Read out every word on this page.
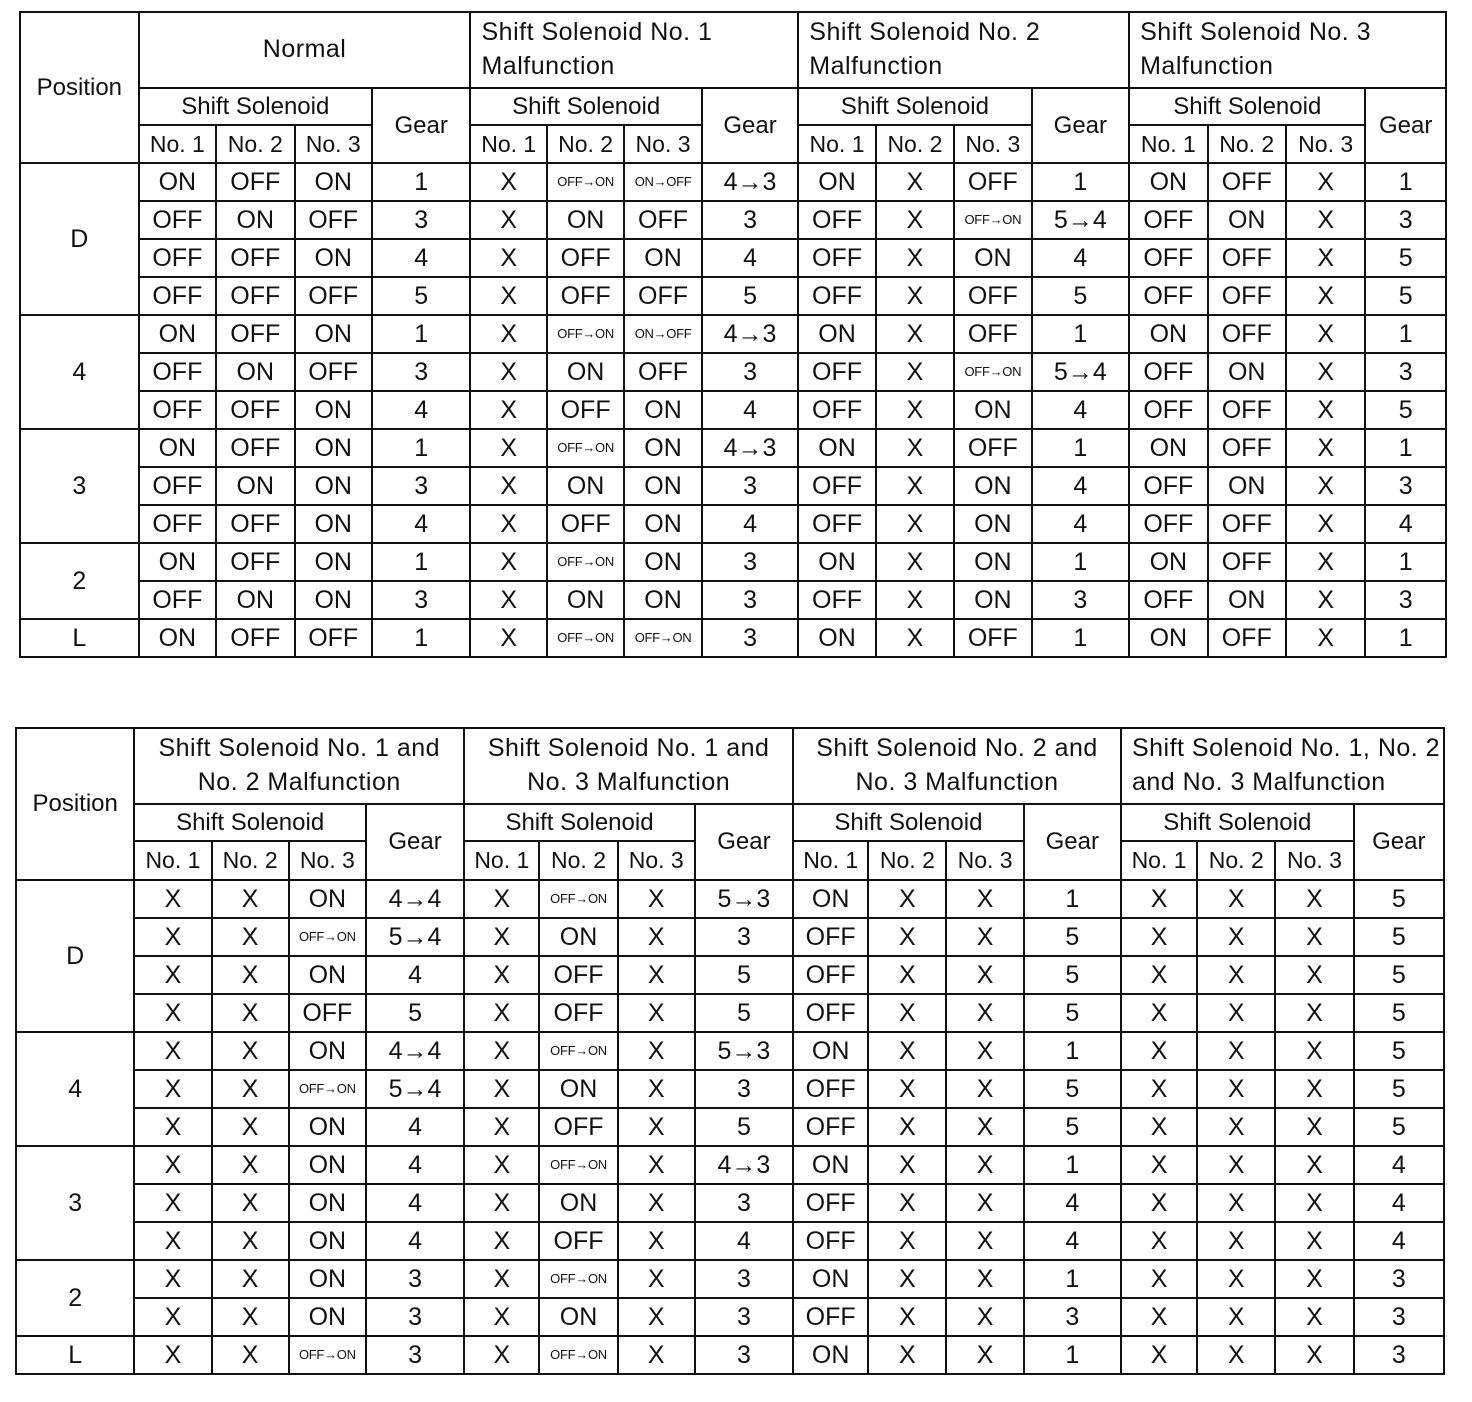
Position	Normal				Shift Solenoid No. 1 Malfunction				Shift Solenoid No. 2 Malfunction				Shift Solenoid No. 3 Malfunction			
	Shift Solenoid			Gear	Shift Solenoid			Gear	Shift Solenoid			Gear	Shift Solenoid			Gear
	No. 1	No. 2	No. 3		No. 1	No. 2	No. 3		No. 1	No. 2	No. 3		No. 1	No. 2	No. 3	
D	ON	OFF	ON	1	X	OFF→ON	ON→OFF	4→3	ON	X	OFF	1	ON	OFF	X	1
	OFF	ON	OFF	3	X	ON	OFF	3	OFF	X	OFF→ON	5→4	OFF	ON	X	3
	OFF	OFF	ON	4	X	OFF	ON	4	OFF	X	ON	4	OFF	OFF	X	5
	OFF	OFF	OFF	5	X	OFF	OFF	5	OFF	X	OFF	5	OFF	OFF	X	5
4	ON	OFF	ON	1	X	OFF→ON	ON→OFF	4→3	ON	X	OFF	1	ON	OFF	X	1
	OFF	ON	OFF	3	X	ON	OFF	3	OFF	X	OFF→ON	5→4	OFF	ON	X	3
	OFF	OFF	ON	4	X	OFF	ON	4	OFF	X	ON	4	OFF	OFF	X	5
3	ON	OFF	ON	1	X	OFF→ON	ON	4→3	ON	X	OFF	1	ON	OFF	X	1
	OFF	ON	ON	3	X	ON	ON	3	OFF	X	ON	4	OFF	ON	X	3
	OFF	OFF	ON	4	X	OFF	ON	4	OFF	X	ON	4	OFF	OFF	X	4
2	ON	OFF	ON	1	X	OFF→ON	ON	3	ON	X	ON	1	ON	OFF	X	1
	OFF	ON	ON	3	X	ON	ON	3	OFF	X	ON	3	OFF	ON	X	3
L	ON	OFF	OFF	1	X	OFF→ON	OFF→ON	3	ON	X	OFF	1	ON	OFF	X	1
Position	Shift Solenoid No. 1 and No. 2 Malfunction				Shift Solenoid No. 1 and No. 3 Malfunction				Shift Solenoid No. 2 and No. 3 Malfunction				Shift Solenoid No. 1, No. 2 and No. 3 Malfunction			
	Shift Solenoid			Gear	Shift Solenoid			Gear	Shift Solenoid			Gear	Shift Solenoid			Gear
	No. 1	No. 2	No. 3		No. 1	No. 2	No. 3		No. 1	No. 2	No. 3		No. 1	No. 2	No. 3	
D	X	X	ON	4→4	X	OFF→ON	X	5→3	ON	X	X	1	X	X	X	5
	X	X	OFF→ON	5→4	X	ON	X	3	OFF	X	X	5	X	X	X	5
	X	X	ON	4	X	OFF	X	5	OFF	X	X	5	X	X	X	5
	X	X	OFF	5	X	OFF	X	5	OFF	X	X	5	X	X	X	5
4	X	X	ON	4→4	X	OFF→ON	X	5→3	ON	X	X	1	X	X	X	5
	X	X	OFF→ON	5→4	X	ON	X	3	OFF	X	X	5	X	X	X	5
	X	X	ON	4	X	OFF	X	5	OFF	X	X	5	X	X	X	5
3	X	X	ON	4	X	OFF→ON	X	4→3	ON	X	X	1	X	X	X	4
	X	X	ON	4	X	ON	X	3	OFF	X	X	4	X	X	X	4
	X	X	ON	4	X	OFF	X	4	OFF	X	X	4	X	X	X	4
2	X	X	ON	3	X	OFF→ON	X	3	ON	X	X	1	X	X	X	3
	X	X	ON	3	X	ON	X	3	OFF	X	X	3	X	X	X	3
L	X	X	OFF→ON	3	X	OFF→ON	X	3	ON	X	X	1	X	X	X	3
